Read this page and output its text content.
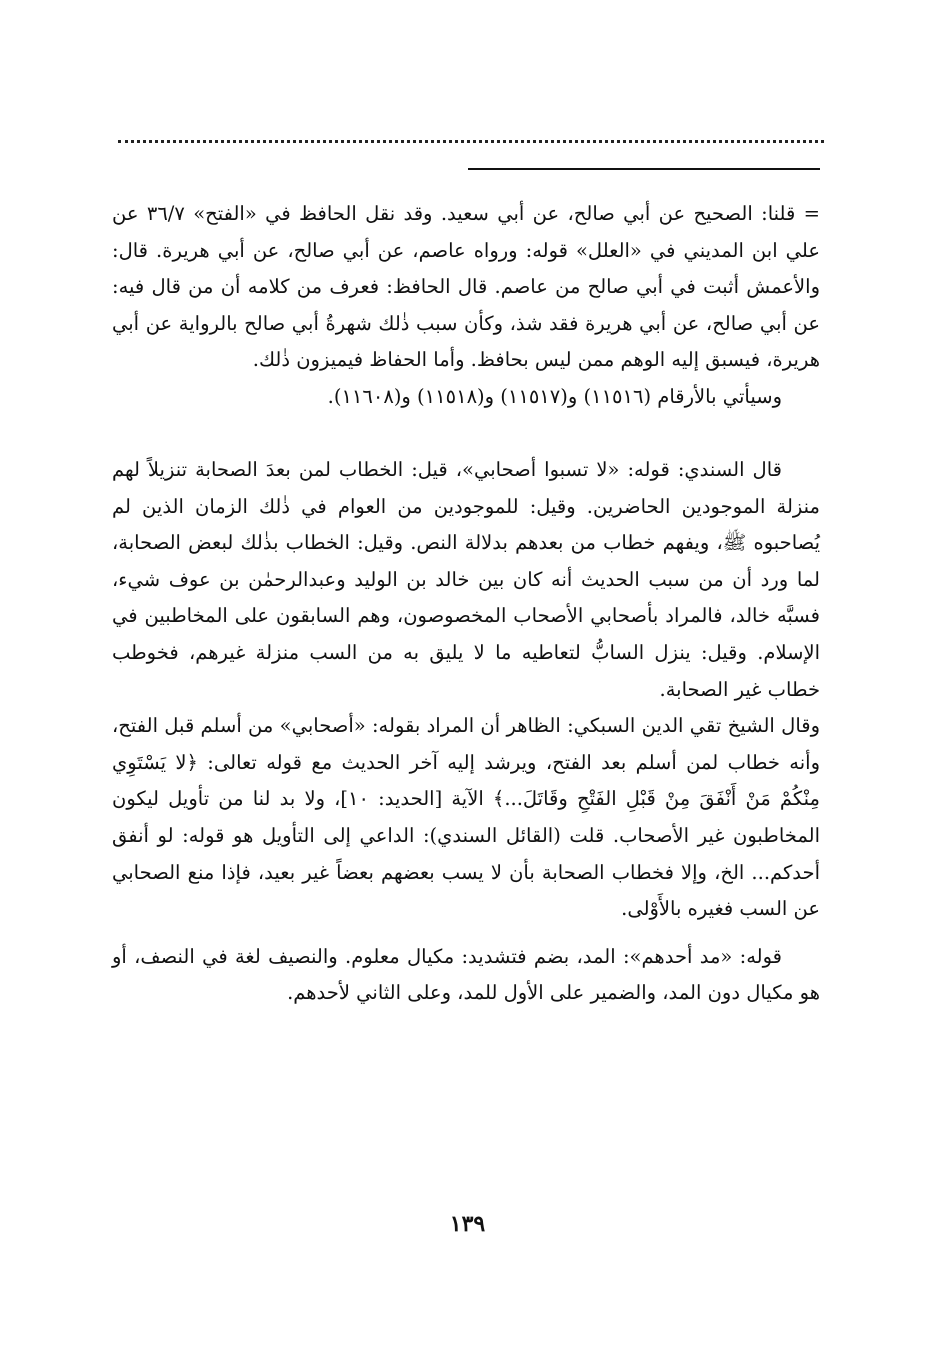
= قلنا: الصحيح عن أبي صالح، عن أبي سعيد. وقد نقل الحافظ في «الفتح» ٣٦/٧ عن علي ابن المديني في «العلل» قوله: ورواه عاصم، عن أبي صالح، عن أبي هريرة. قال: والأعمش أثبت في أبي صالح من عاصم. قال الحافظ: فعرف من كلامه أن من قال فيه: عن أبي صالح، عن أبي هريرة فقد شذ، وكأن سبب ذٰلك شهرةُ أبي صالح بالرواية عن أبي هريرة، فيسبق إليه الوهم ممن ليس بحافظ. وأما الحفاظ فيميزون ذٰلك.

وسيأتي بالأرقام (١١٥١٦) و(١١٥١٧) و(١١٥١٨) و(١١٦٠٨).

قال السندي: قوله: «لا تسبوا أصحابي»، قيل: الخطاب لمن بعدَ الصحابة تنزيلاً لهم منزلة الموجودين الحاضرين. وقيل: للموجودين من العوام في ذٰلك الزمان الذين لم يُصاحبوه ﷺ، ويفهم خطاب من بعدهم بدلالة النص. وقيل: الخطاب بذٰلك لبعض الصحابة، لما ورد أن من سبب الحديث أنه كان بين خالد بن الوليد وعبدالرحمٰن بن عوف شيء، فسبَّه خالد، فالمراد بأصحابي الأصحاب المخصوصون، وهم السابقون على المخاطبين في الإسلام. وقيل: ينزل السابُّ لتعاطيه ما لا يليق به من السب منزلة غيرهم، فخوطب خطاب غير الصحابة.

وقال الشيخ تقي الدين السبكي: الظاهر أن المراد بقوله: «أصحابي» من أسلم قبل الفتح، وأنه خطاب لمن أسلم بعد الفتح، ويرشد إليه آخر الحديث مع قوله تعالى: ﴿لا يَسْتَوِي مِنْكُمْ مَنْ أَنْفَقَ مِنْ قَبْلِ الفَتْحِ وقَاتَلَ...﴾ الآية [الحديد: ١٠]، ولا بد لنا من تأويل ليكون المخاطبون غير الأصحاب. قلت (القائل السندي): الداعي إلى التأويل هو قوله: لو أنفق أحدكم... الخ، وإلا فخطاب الصحابة بأن لا يسب بعضهم بعضاً غير بعيد، فإذا منع الصحابي عن السب فغيره بالأَوْلى.

قوله: «مد أحدهم»: المد، بضم فتشديد: مكيال معلوم. والنصيف لغة في النصف، أو هو مكيال دون المد، والضمير على الأول للمد، وعلى الثاني لأحدهم.

١٣٩
